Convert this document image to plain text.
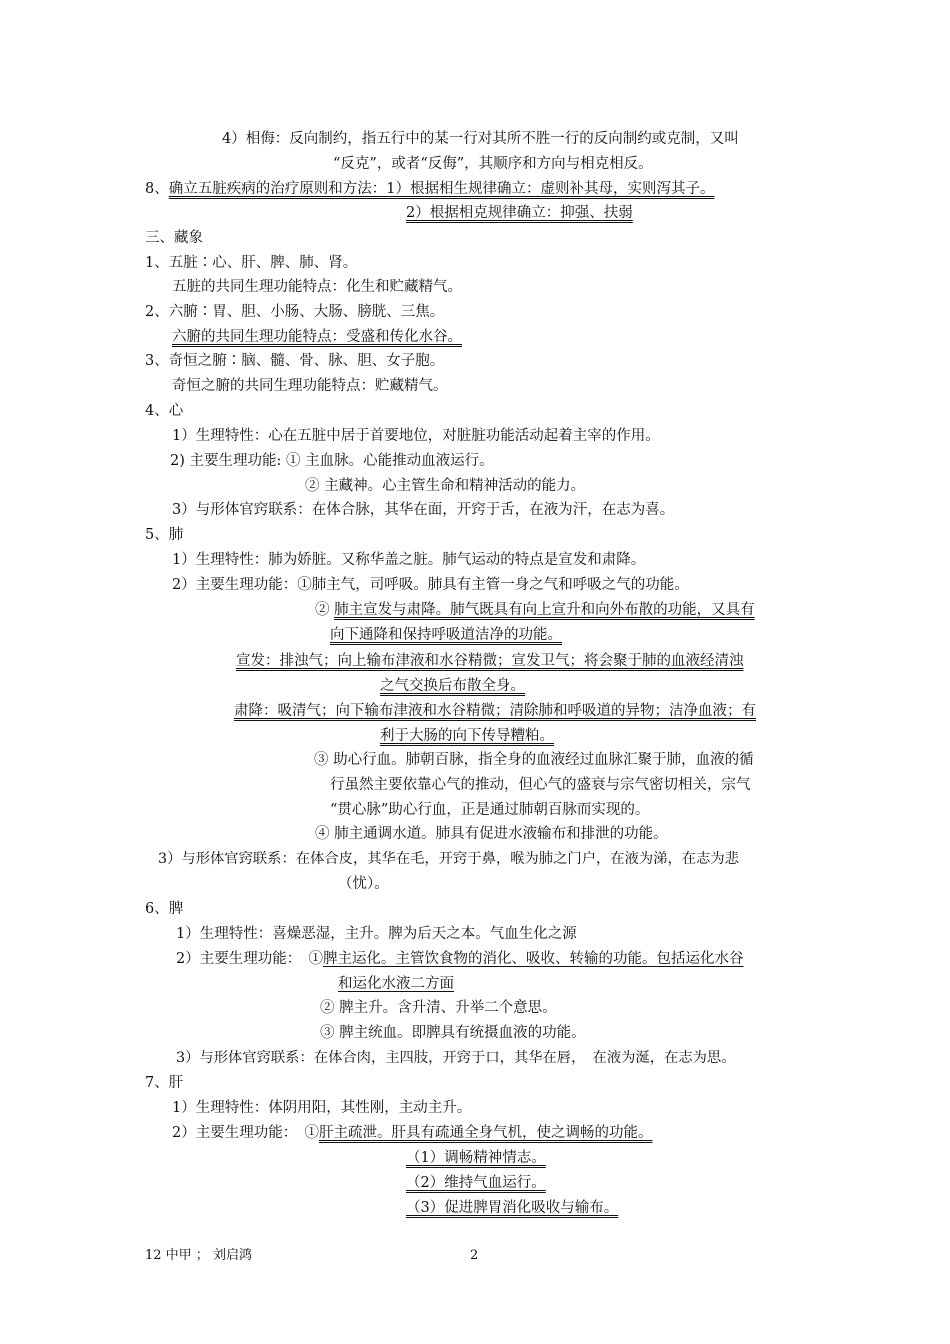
4）相侮：反向制约，指五行中的某一行对其所不胜一行的反向制约或克制，又叫
“反克”，或者“反侮”，其顺序和方向与相克相反。
8、确立五脏疾病的治疗原则和方法：1）根据相生规律确立：虚则补其母，实则泻其子。
2）根据相克规律确立：抑强、扶弱
三、藏象
1、五脏∶心、肝、脾、肺、肾。
五脏的共同生理功能特点：化生和贮藏精气。
2、六腑∶胃、胆、小肠、大肠、膀胱、三焦。
六腑的共同生理功能特点：受盛和传化水谷。
3、奇恒之腑∶脑、髓、骨、脉、胆、女子胞。
奇恒之腑的共同生理功能特点：贮藏精气。
4、心
1）生理特性：心在五脏中居于首要地位，对脏脏功能活动起着主宰的作用。
2) 主要生理功能: ① 主血脉。心能推动血液运行。
② 主藏神。心主管生命和精神活动的能力。
3）与形体官窍联系：在体合脉，其华在面，开窍于舌，在液为汗，在志为喜。
5、肺
1）生理特性：肺为娇脏。又称华盖之脏。肺气运动的特点是宣发和肃降。
2）主要生理功能：①肺主气，司呼吸。肺具有主管一身之气和呼吸之气的功能。
② 肺主宣发与肃降。肺气既具有向上宣升和向外布散的功能，又具有
向下通降和保持呼吸道洁净的功能。
宣发：排浊气；向上输布津液和水谷精微；宣发卫气；将会聚于肺的血液经清浊
之气交换后布散全身。
肃降：吸清气；向下输布津液和水谷精微；清除肺和呼吸道的异物；洁净血液；有
利于大肠的向下传导糟粕。
③ 助心行血。肺朝百脉，指全身的血液经过血脉汇聚于肺，血液的循
行虽然主要依靠心气的推动，但心气的盛衰与宗气密切相关，宗气
“贯心脉”助心行血，正是通过肺朝百脉而实现的。
④ 肺主通调水道。肺具有促进水液输布和排泄的功能。
3）与形体官窍联系：在体合皮，其华在毛，开窍于鼻，喉为肺之门户，在液为涕，在志为悲
（忧）。
6、脾
1）生理特性：喜燥恶湿，主升。脾为后天之本。气血生化之源
2）主要生理功能：　①脾主运化。主管饮食物的消化、吸收、转输的功能。包括运化水谷
和运化水液二方面
② 脾主升。含升清、升举二个意思。
③ 脾主统血。即脾具有统摄血液的功能。
3）与形体官窍联系：在体合肉，主四肢，开窍于口，其华在唇，　在液为涎，在志为思。
7、肝
1）生理特性：体阴用阳，其性刚，主动主升。
2）主要生理功能：　①肝主疏泄。肝具有疏通全身气机，使之调畅的功能。
（1）调畅精神情志。
（2）维持气血运行。
（3）促进脾胃消化吸收与输布。
12 中甲 ； 刘启鸿	2
